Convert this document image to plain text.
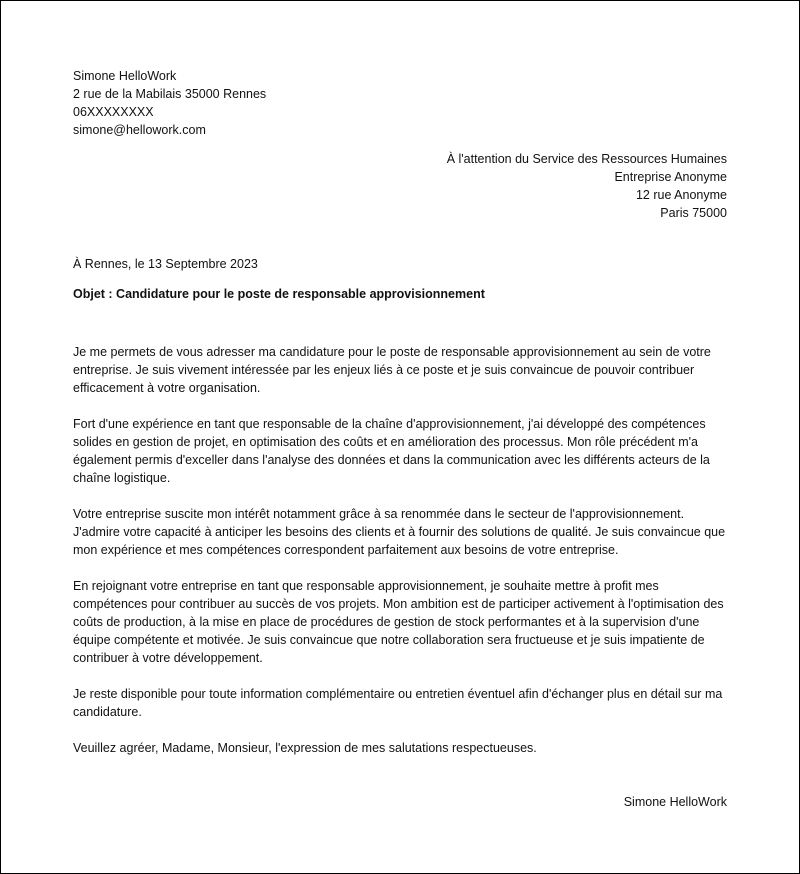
Simone HelloWork
2 rue de la Mabilais 35000 Rennes
06XXXXXXXX
simone@hellowork.com
À l'attention du Service des Ressources Humaines
Entreprise Anonyme
12 rue Anonyme
Paris 75000
À Rennes, le 13 Septembre 2023
Objet : Candidature pour le poste de responsable approvisionnement

Je me permets de vous adresser ma candidature pour le poste de responsable approvisionnement au sein de votre entreprise. Je suis vivement intéressée par les enjeux liés à ce poste et je suis convaincue de pouvoir contribuer efficacement à votre organisation.

Fort d'une expérience en tant que responsable de la chaîne d'approvisionnement, j'ai développé des compétences solides en gestion de projet, en optimisation des coûts et en amélioration des processus. Mon rôle précédent m'a également permis d'exceller dans l'analyse des données et dans la communication avec les différents acteurs de la chaîne logistique.

Votre entreprise suscite mon intérêt notamment grâce à sa renommée dans le secteur de l'approvisionnement. J'admire votre capacité à anticiper les besoins des clients et à fournir des solutions de qualité. Je suis convaincue que mon expérience et mes compétences correspondent parfaitement aux besoins de votre entreprise.

En rejoignant votre entreprise en tant que responsable approvisionnement, je souhaite mettre à profit mes compétences pour contribuer au succès de vos projets. Mon ambition est de participer activement à l'optimisation des coûts de production, à la mise en place de procédures de gestion de stock performantes et à la supervision d'une équipe compétente et motivée. Je suis convaincue que notre collaboration sera fructueuse et je suis impatiente de contribuer à votre développement.

Je reste disponible pour toute information complémentaire ou entretien éventuel afin d'échanger plus en détail sur ma candidature.

Veuillez agréer, Madame, Monsieur, l'expression de mes salutations respectueuses.

Simone HelloWork
